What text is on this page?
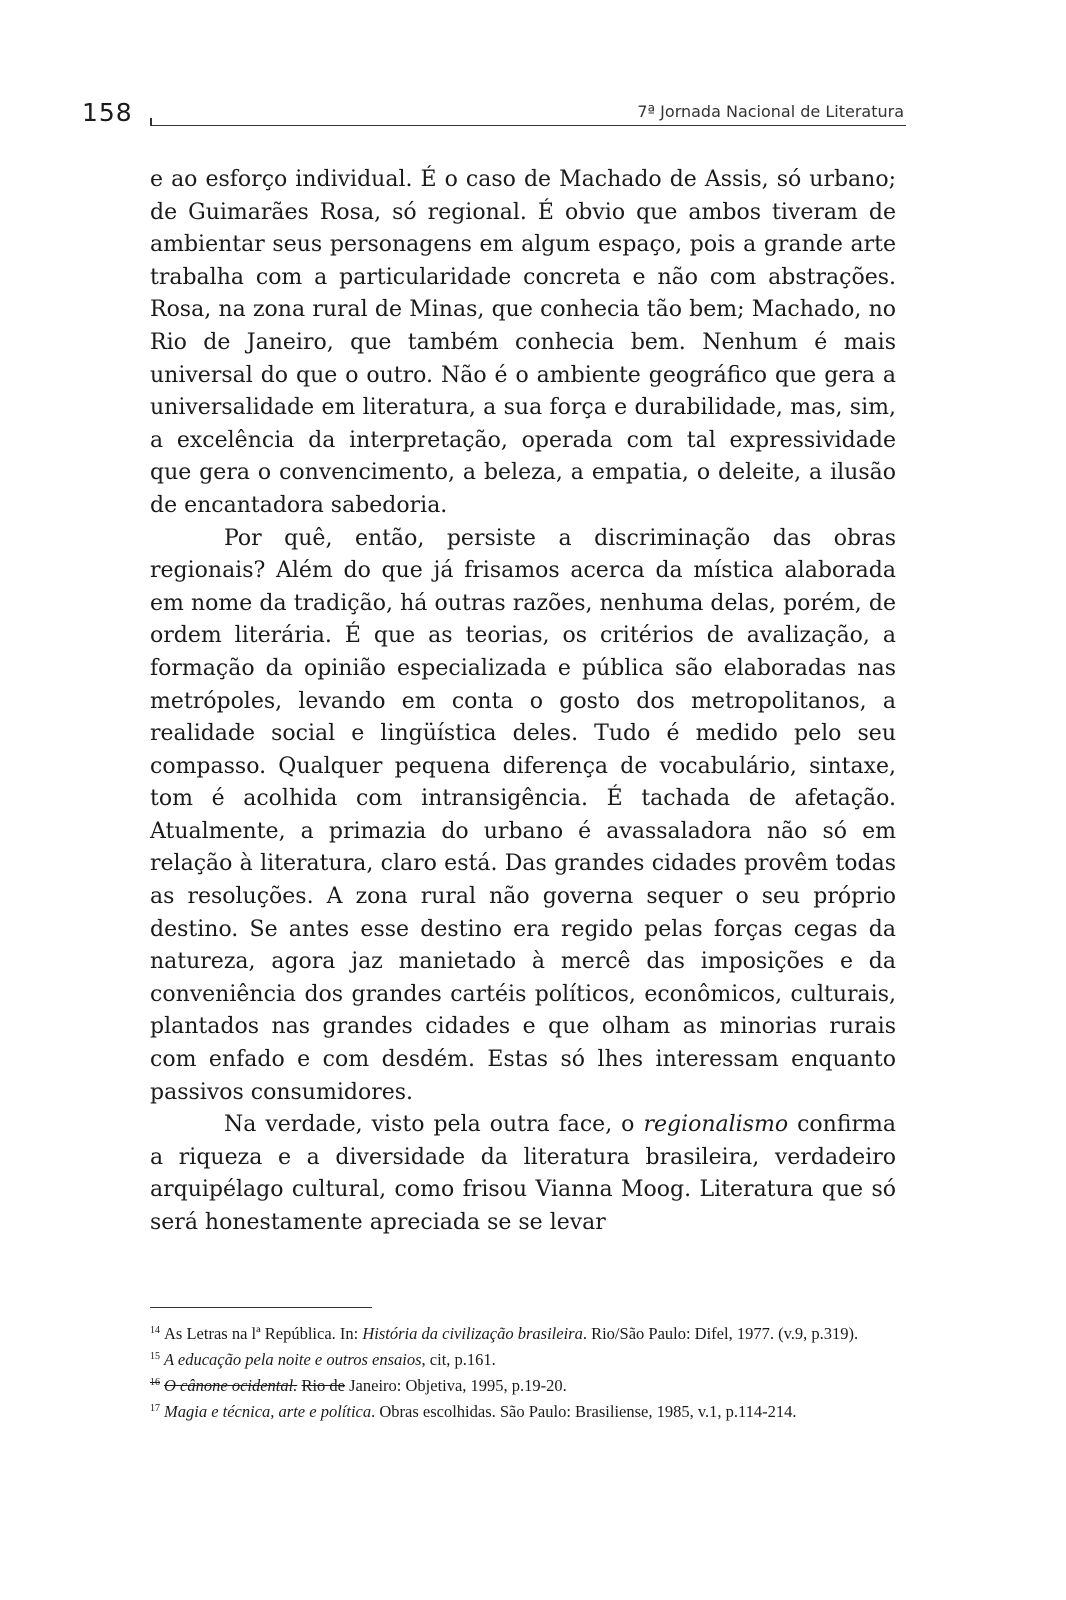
158	7ª Jornada Nacional de Literatura

e ao esforço individual. É o caso de Machado de Assis, só urbano; de Guimarães Rosa, só regional. É obvio que ambos tiveram de ambientar seus personagens em algum espaço, pois a grande arte trabalha com a particularidade concreta e não com abstrações. Rosa, na zona rural de Minas, que conhecia tão bem; Machado, no Rio de Janeiro, que também conhecia bem. Nenhum é mais universal do que o outro. Não é o ambiente geográfico que gera a universalidade em literatura, a sua força e durabilidade, mas, sim, a excelência da interpretação, operada com tal expressividade que gera o convencimento, a beleza, a empatia, o deleite, a ilusão de encantadora sabedoria.

Por quê, então, persiste a discriminação das obras regionais? Além do que já frisamos acerca da mística alaborada em nome da tradição, há outras razões, nenhuma delas, porém, de ordem literária. É que as teorias, os critérios de avalização, a formação da opinião especializada e pública são elaboradas nas metrópoles, levando em conta o gosto dos metropolitanos, a realidade social e lingüística deles. Tudo é medido pelo seu compasso. Qualquer pequena diferença de vocabulário, sintaxe, tom é acolhida com intransigência. É tachada de afetação. Atualmente, a primazia do urbano é avassaladora não só em relação à literatura, claro está. Das grandes cidades provêm todas as resoluções. A zona rural não governa sequer o seu próprio destino. Se antes esse destino era regido pelas forças cegas da natureza, agora jaz manietado à mercê das imposições e da conveniência dos grandes cartéis políticos, econômicos, culturais, plantados nas grandes cidades e que olham as minorias rurais com enfado e com desdém. Estas só lhes interessam enquanto passivos consumidores.

Na verdade, visto pela outra face, o regionalismo confirma a riqueza e a diversidade da literatura brasileira, verdadeiro arquipélago cultural, como frisou Vianna Moog. Literatura que só será honestamente apreciada se se levar

$^{14}$ As Letras na lª República. In: História da civilização brasileira. Rio/São Paulo: Difel, 1977. (v.9, p.319).

$^{15}$ A educação pela noite e outros ensaios, cit, p.161.

$^{16}$ O cânone ocidental. Rio de Janeiro: Objetiva, 1995, p.19-20.

$^{17}$ Magia e técnica, arte e política. Obras escolhidas. São Paulo: Brasiliense, 1985, v.1, p.114-214.
